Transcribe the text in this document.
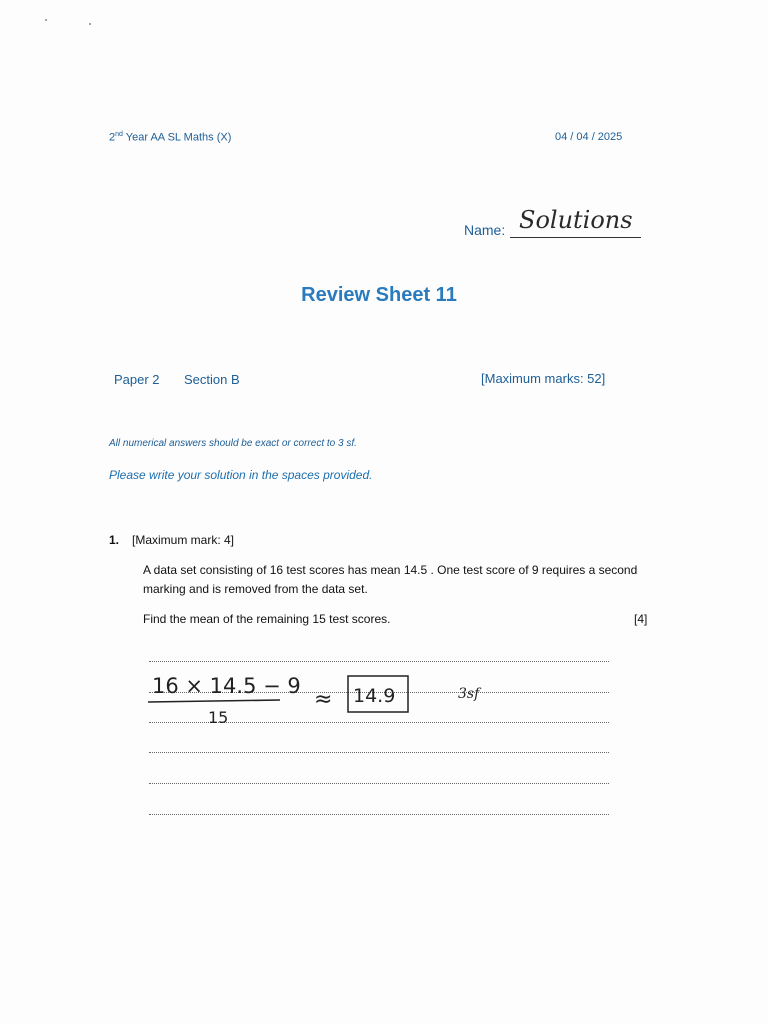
2nd Year AA SL Maths (X)	04 / 04 / 2025
Name: Solutions
Review Sheet 11
Paper 2 Section B	[Maximum marks: 52]
All numerical answers should be exact or correct to 3 sf.
Please write your solution in the spaces provided.
1. [Maximum mark: 4]
A data set consisting of 16 test scores has mean 14.5 . One test score of 9 requires a second marking and is removed from the data set.
Find the mean of the remaining 15 test scores.	[4]
16 × 14.5 − 9
15
≈ 14.9	3sf
